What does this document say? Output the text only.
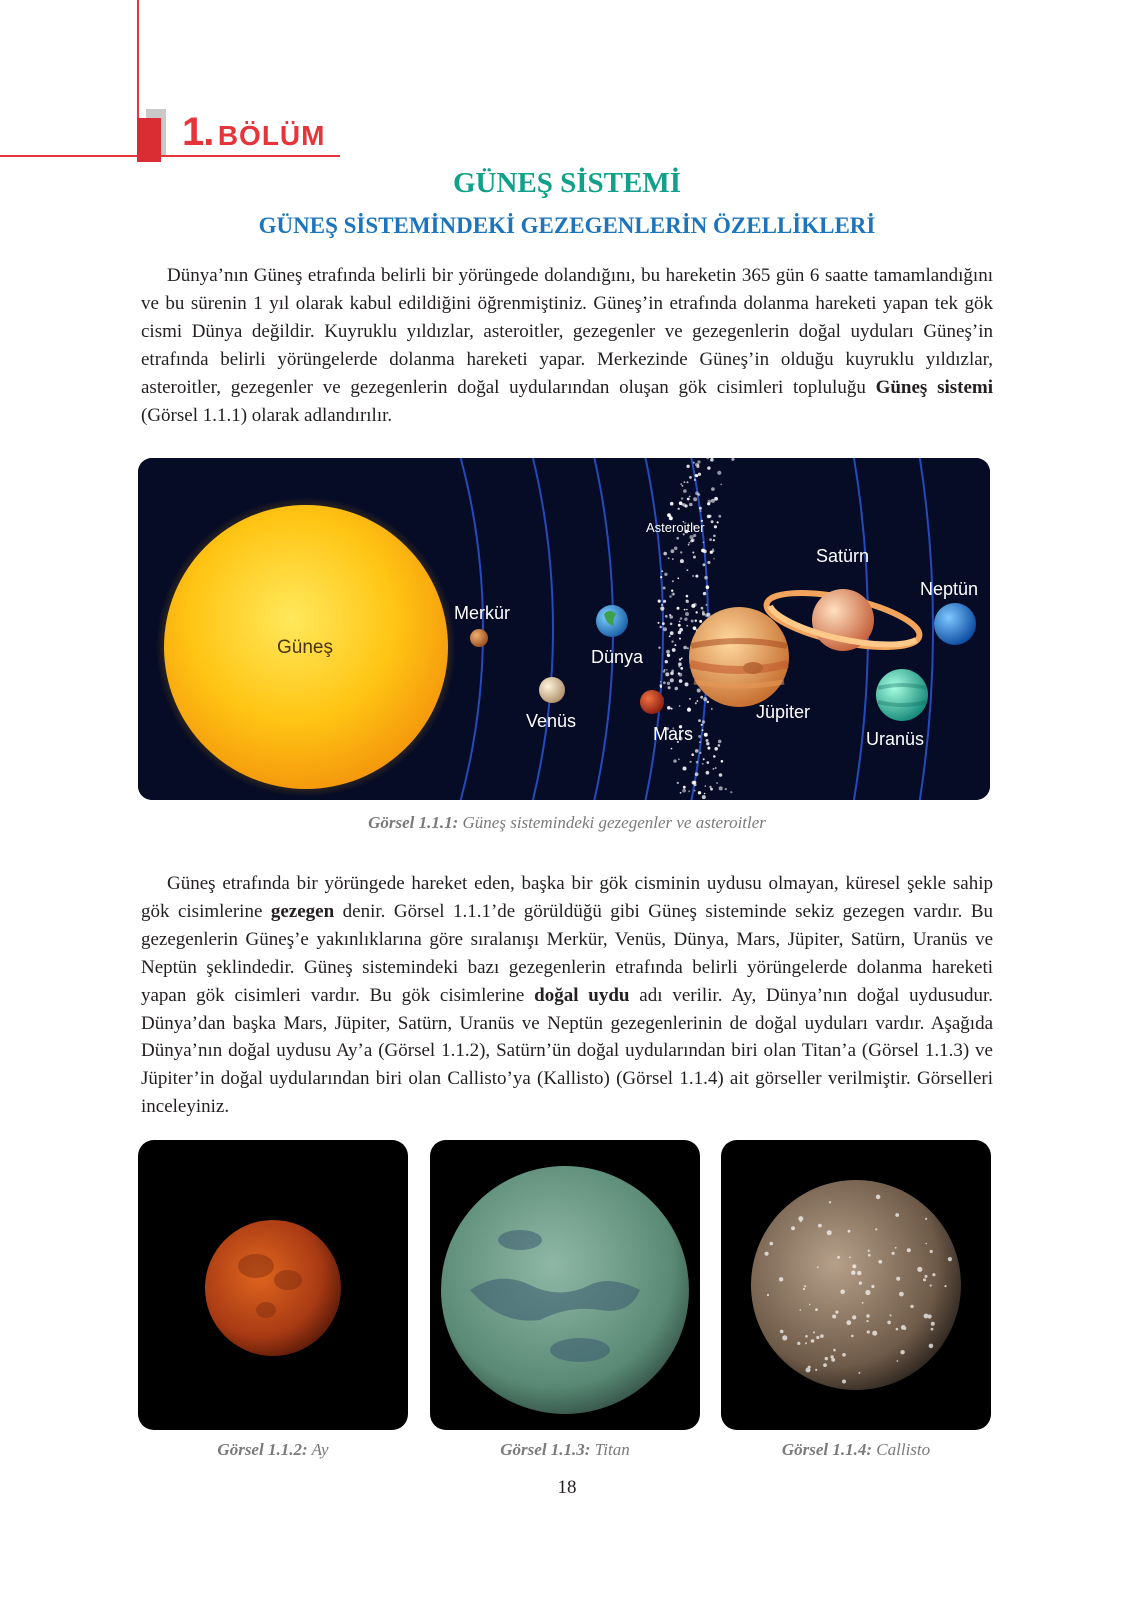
1. BÖLÜM
GÜNEŞ SİSTEMİ
GÜNEŞ SİSTEMİNDEKİ GEZEGENLERİN ÖZELLİKLERİ

Dünya’nın Güneş etrafında belirli bir yörüngede dolandığını, bu hareketin 365 gün 6 saatte tamamlandığını ve bu sürenin 1 yıl olarak kabul edildiğini öğrenmiştiniz. Güneş’in etrafında dolanma hareketi yapan tek gök cismi Dünya değildir. Kuyruklu yıldızlar, asteroitler, gezegenler ve gezegenlerin doğal uyduları Güneş’in etrafında belirli yörüngelerde dolanma hareketi yapar. Merkezinde Güneş’in olduğu kuyruklu yıldızlar, asteroitler, gezegenler ve gezegenlerin doğal uydularından oluşan gök cisimleri topluluğu Güneş sistemi (Görsel 1.1.1) olarak adlandırılır.

Güneş
Merkür
Venüs
Dünya
Mars
Asteroitler
Jüpiter
Satürn
Uranüs
Neptün
Görsel 1.1.1: Güneş sistemindeki gezegenler ve asteroitler

Güneş etrafında bir yörüngede hareket eden, başka bir gök cisminin uydusu olmayan, küresel şekle sahip gök cisimlerine gezegen denir. Görsel 1.1.1’de görüldüğü gibi Güneş sisteminde sekiz gezegen vardır. Bu gezegenlerin Güneş’e yakınlıklarına göre sıralanışı Merkür, Venüs, Dünya, Mars, Jüpiter, Satürn, Uranüs ve Neptün şeklindedir. Güneş sistemindeki bazı gezegenlerin etrafında belirli yörüngelerde dolanma hareketi yapan gök cisimleri vardır. Bu gök cisimlerine doğal uydu adı verilir. Ay, Dünya’nın doğal uydusudur. Dünya’dan başka Mars, Jüpiter, Satürn, Uranüs ve Neptün gezegenlerinin de doğal uyduları vardır. Aşağıda Dünya’nın doğal uydusu Ay’a (Görsel 1.1.2), Satürn’ün doğal uydularından biri olan Titan’a (Görsel 1.1.3) ve Jüpiter’in doğal uydularından biri olan Callisto’ya (Kallisto) (Görsel 1.1.4) ait görseller verilmiştir. Görselleri inceleyiniz.

Görsel 1.1.2: Ay	Görsel 1.1.3: Titan	Görsel 1.1.4: Callisto
18
